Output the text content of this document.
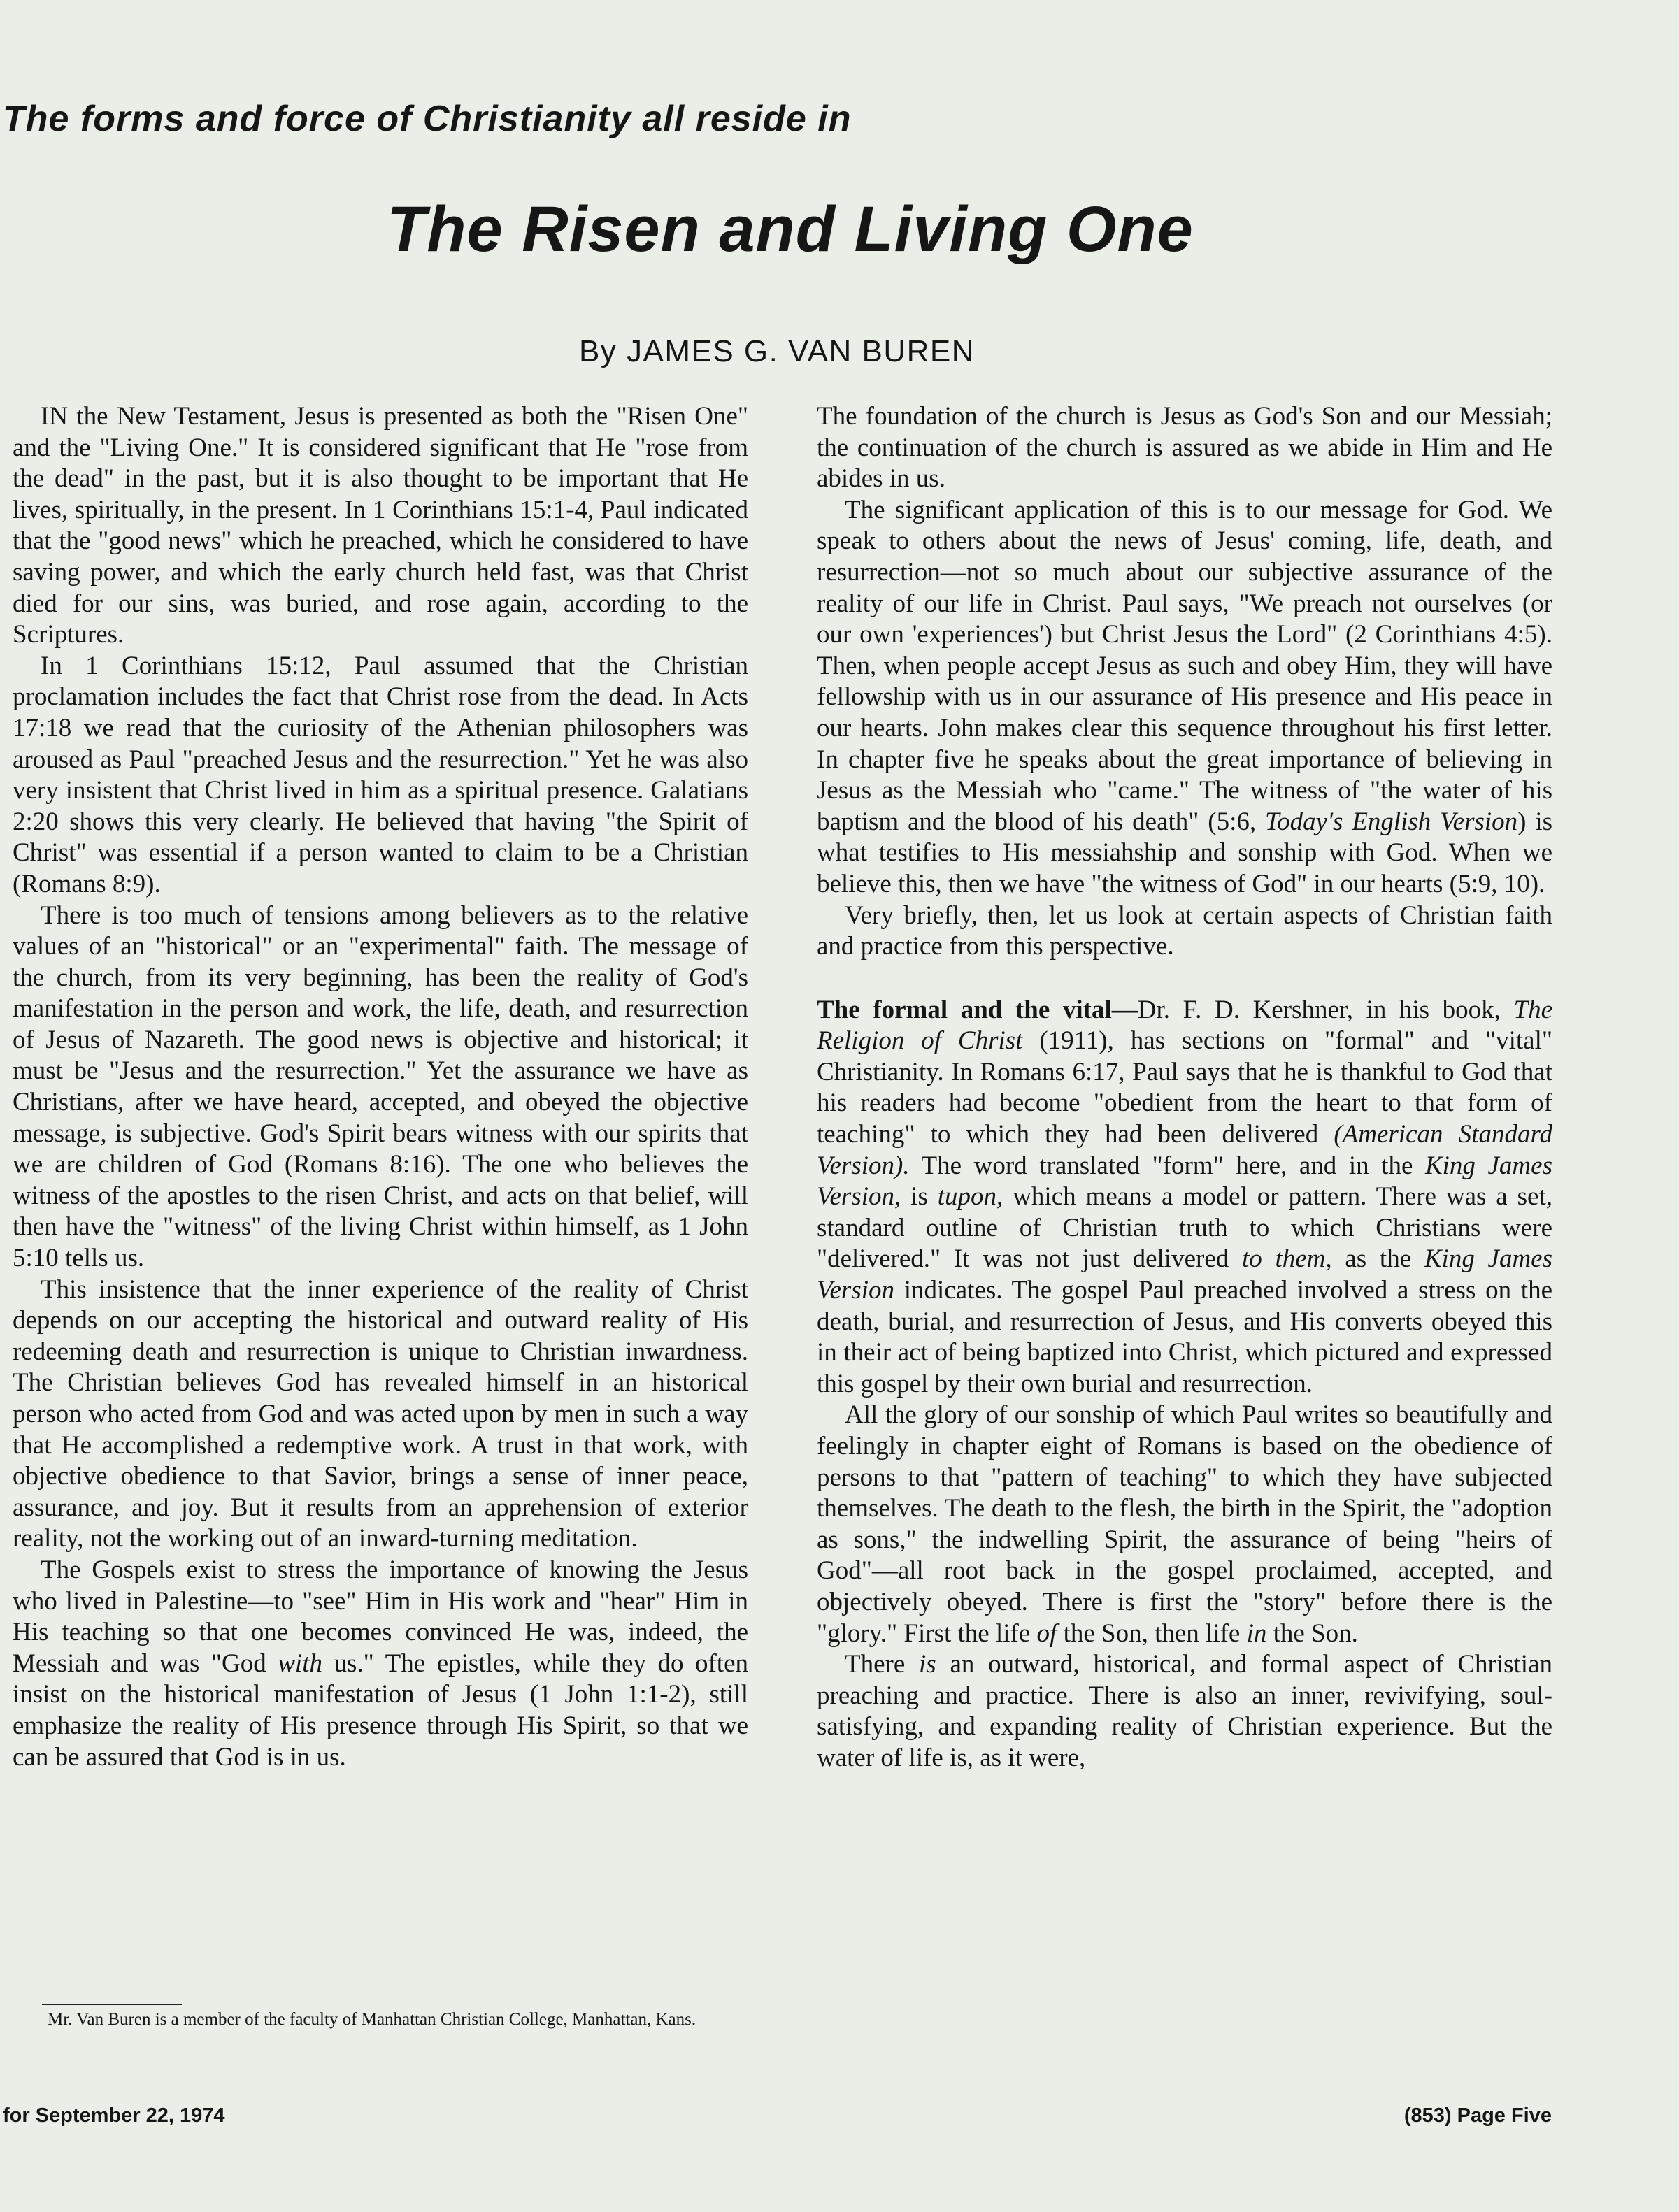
The forms and force of Christianity all reside in
The Risen and Living One
By JAMES G. VAN BUREN

IN the New Testament, Jesus is presented as both the "Risen One" and the "Living One." It is considered significant that He "rose from the dead" in the past, but it is also thought to be important that He lives, spiritually, in the present. In 1 Corinthians 15:1-4, Paul indicated that the "good news" which he preached, which he considered to have saving power, and which the early church held fast, was that Christ died for our sins, was buried, and rose again, according to the Scriptures.

In 1 Corinthians 15:12, Paul assumed that the Christian proclamation includes the fact that Christ rose from the dead. In Acts 17:18 we read that the curiosity of the Athenian philosophers was aroused as Paul "preached Jesus and the resurrection." Yet he was also very insistent that Christ lived in him as a spiritual presence. Galatians 2:20 shows this very clearly. He believed that having "the Spirit of Christ" was essential if a person wanted to claim to be a Christian (Romans 8:9).

There is too much of tensions among believers as to the relative values of an "historical" or an "experimental" faith. The message of the church, from its very beginning, has been the reality of God's manifestation in the person and work, the life, death, and resurrection of Jesus of Nazareth. The good news is objective and historical; it must be "Jesus and the resurrection." Yet the assurance we have as Christians, after we have heard, accepted, and obeyed the objective message, is subjective. God's Spirit bears witness with our spirits that we are children of God (Romans 8:16). The one who believes the witness of the apostles to the risen Christ, and acts on that belief, will then have the "witness" of the living Christ within himself, as 1 John 5:10 tells us.

This insistence that the inner experience of the reality of Christ depends on our accepting the historical and outward reality of His redeeming death and resurrection is unique to Christian inwardness. The Christian believes God has revealed himself in an historical person who acted from God and was acted upon by men in such a way that He accomplished a redemptive work. A trust in that work, with objective obedience to that Savior, brings a sense of inner peace, assurance, and joy. But it results from an apprehension of exterior reality, not the working out of an inward-turning meditation.

The Gospels exist to stress the importance of knowing the Jesus who lived in Palestine—to "see" Him in His work and "hear" Him in His teaching so that one becomes convinced He was, indeed, the Messiah and was "God with us." The epistles, while they do often insist on the historical manifestation of Jesus (1 John 1:1-2), still emphasize the reality of His presence through His Spirit, so that we can be assured that God is in us.

The foundation of the church is Jesus as God's Son and our Messiah; the continuation of the church is assured as we abide in Him and He abides in us.

The significant application of this is to our message for God. We speak to others about the news of Jesus' coming, life, death, and resurrection—not so much about our subjective assurance of the reality of our life in Christ. Paul says, "We preach not ourselves (or our own 'experiences') but Christ Jesus the Lord" (2 Corinthians 4:5). Then, when people accept Jesus as such and obey Him, they will have fellowship with us in our assurance of His presence and His peace in our hearts. John makes clear this sequence throughout his first letter. In chapter five he speaks about the great importance of believing in Jesus as the Messiah who "came." The witness of "the water of his baptism and the blood of his death" (5:6, Today's English Version) is what testifies to His messiahship and sonship with God. When we believe this, then we have "the witness of God" in our hearts (5:9, 10).

Very briefly, then, let us look at certain aspects of Christian faith and practice from this perspective.

The formal and the vital—Dr. F. D. Kershner, in his book, The Religion of Christ (1911), has sections on "formal" and "vital" Christianity. In Romans 6:17, Paul says that he is thankful to God that his readers had become "obedient from the heart to that form of teaching" to which they had been delivered (American Standard Version). The word translated "form" here, and in the King James Version, is tupon, which means a model or pattern. There was a set, standard outline of Christian truth to which Christians were "delivered." It was not just delivered to them, as the King James Version indicates. The gospel Paul preached involved a stress on the death, burial, and resurrection of Jesus, and His converts obeyed this in their act of being baptized into Christ, which pictured and expressed this gospel by their own burial and resurrection.

All the glory of our sonship of which Paul writes so beautifully and feelingly in chapter eight of Romans is based on the obedience of persons to that "pattern of teaching" to which they have subjected themselves. The death to the flesh, the birth in the Spirit, the "adoption as sons," the indwelling Spirit, the assurance of being "heirs of God"—all root back in the gospel proclaimed, accepted, and objectively obeyed. There is first the "story" before there is the "glory." First the life of the Son, then life in the Son.

There is an outward, historical, and formal aspect of Christian preaching and practice. There is also an inner, revivifying, soul-satisfying, and expanding reality of Christian experience. But the water of life is, as it were,

Mr. Van Buren is a member of the faculty of Manhattan Christian College, Manhattan, Kans.
for September 22, 1974	(853) Page Five
